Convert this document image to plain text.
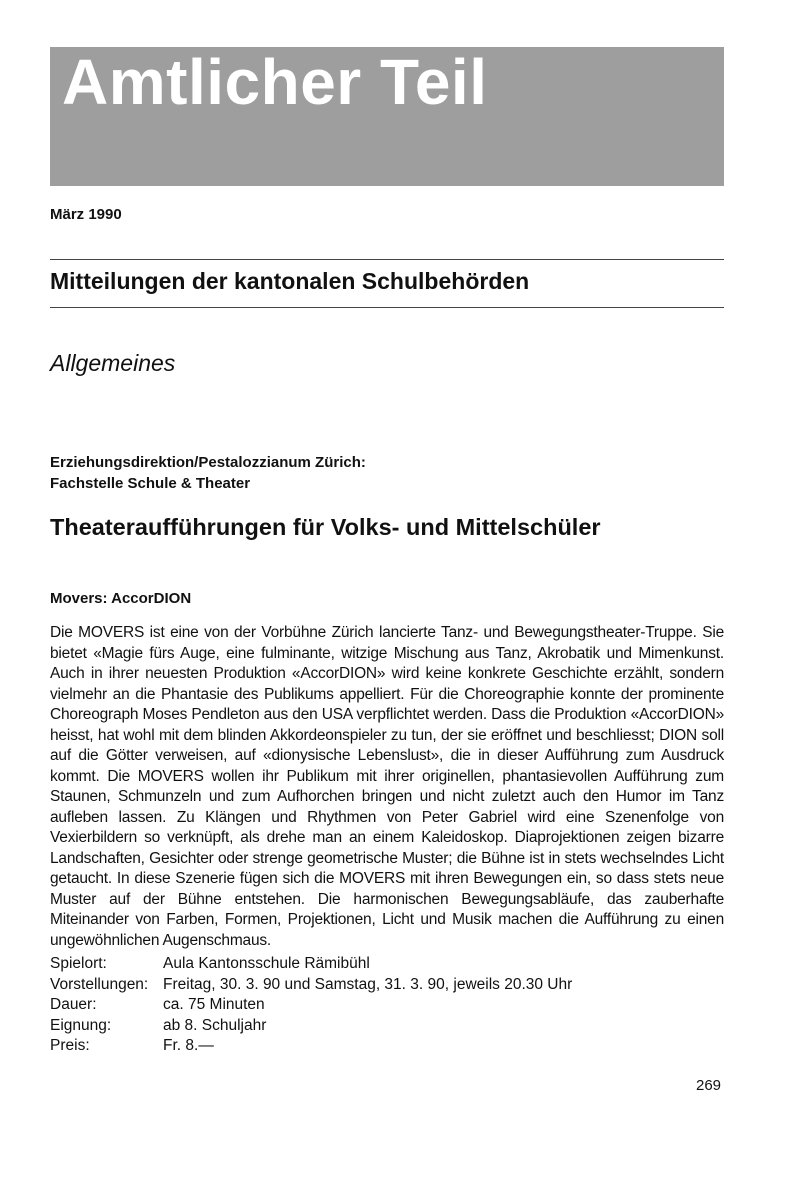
Amtlicher Teil
März 1990
Mitteilungen der kantonalen Schulbehörden
Allgemeines
Erziehungsdirektion/Pestalozzianum Zürich:
Fachstelle Schule & Theater
Theateraufführungen für Volks- und Mittelschüler
Movers: AccorDION

Die MOVERS ist eine von der Vorbühne Zürich lancierte Tanz- und Bewegungstheater-Truppe. Sie bietet «Magie fürs Auge, eine fulminante, witzige Mischung aus Tanz, Akrobatik und Mimenkunst. Auch in ihrer neuesten Produktion «AccorDION» wird keine konkrete Geschichte erzählt, sondern vielmehr an die Phantasie des Publikums appelliert. Für die Choreographie konnte der prominente Choreograph Moses Pendleton aus den USA verpflichtet werden. Dass die Produktion «AccorDION» heisst, hat wohl mit dem blinden Akkordeonspieler zu tun, der sie eröffnet und beschliesst; DION soll auf die Götter verweisen, auf «dionysische Lebenslust», die in dieser Aufführung zum Ausdruck kommt. Die MOVERS wollen ihr Publikum mit ihrer originellen, phantasievollen Aufführung zum Staunen, Schmunzeln und zum Aufhorchen bringen und nicht zuletzt auch den Humor im Tanz aufleben lassen. Zu Klängen und Rhythmen von Peter Gabriel wird eine Szenenfolge von Vexierbildern so verknüpft, als drehe man an einem Kaleidoskop. Diaprojektionen zeigen bizarre Landschaften, Gesichter oder strenge geometrische Muster; die Bühne ist in stets wechselndes Licht getaucht. In diese Szenerie fügen sich die MOVERS mit ihren Bewegungen ein, so dass stets neue Muster auf der Bühne entstehen. Die harmonischen Bewegungsabläufe, das zauberhafte Miteinander von Farben, Formen, Projektionen, Licht und Musik machen die Aufführung zu einen ungewöhnlichen Augenschmaus.

Spielort:	Aula Kantonsschule Rämibühl
Vorstellungen:	Freitag, 30. 3. 90 und Samstag, 31. 3. 90, jeweils 20.30 Uhr
Dauer:	ca. 75 Minuten
Eignung:	ab 8. Schuljahr
Preis:	Fr. 8.—
269
